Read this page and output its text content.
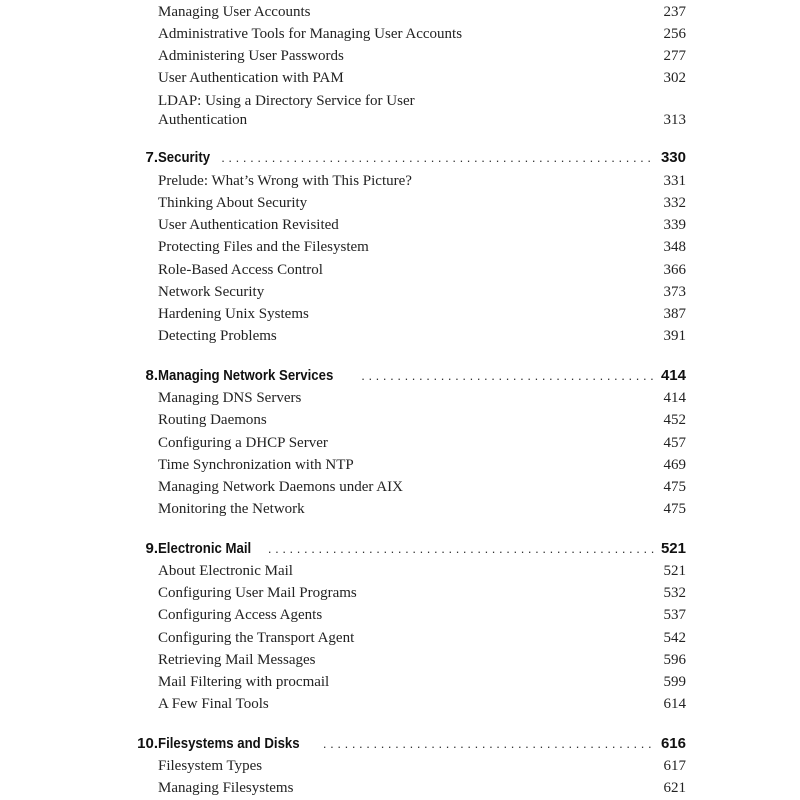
Managing User Accounts	237
Administrative Tools for Managing User Accounts	256
Administering User Passwords	277
User Authentication with PAM	302
LDAP: Using a Directory Service for User Authentication	313
7. Security . . .	330
Prelude: What’s Wrong with This Picture?	331
Thinking About Security	332
User Authentication Revisited	339
Protecting Files and the Filesystem	348
Role-Based Access Control	366
Network Security	373
Hardening Unix Systems	387
Detecting Problems	391
8. Managing Network Services . . .	414
Managing DNS Servers	414
Routing Daemons	452
Configuring a DHCP Server	457
Time Synchronization with NTP	469
Managing Network Daemons under AIX	475
Monitoring the Network	475
9. Electronic Mail . . .	521
About Electronic Mail	521
Configuring User Mail Programs	532
Configuring Access Agents	537
Configuring the Transport Agent	542
Retrieving Mail Messages	596
Mail Filtering with procmail	599
A Few Final Tools	614
10. Filesystems and Disks . . .	616
Filesystem Types	617
Managing Filesystems	621
